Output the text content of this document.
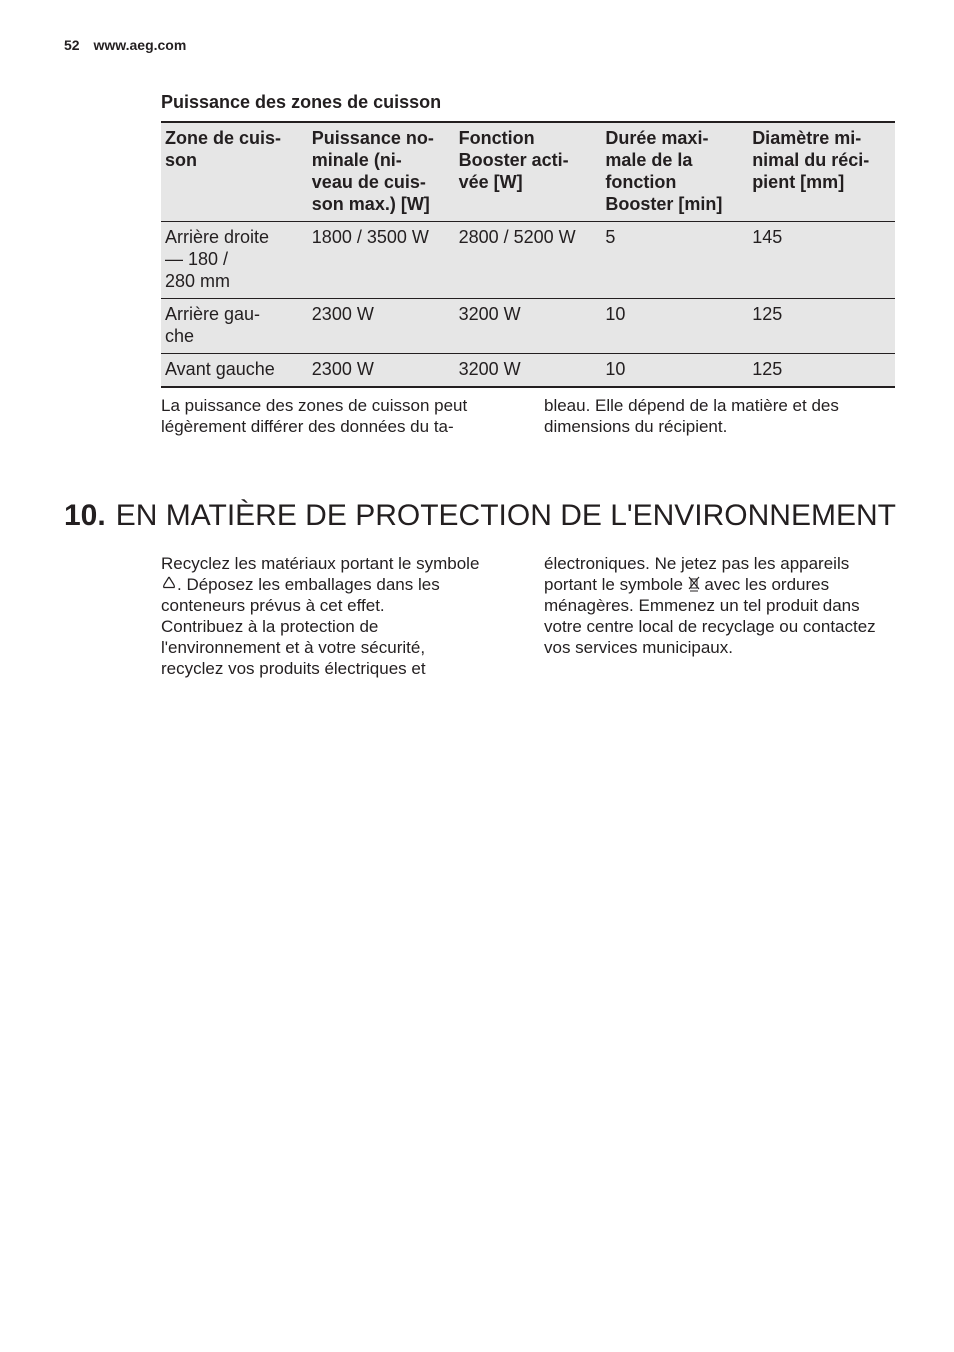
52 www.aeg.com
Puissance des zones de cuisson
Zone de cuis-
son	Puissance no-
minale (ni-
veau de cuis-
son max.) [W]	Fonction
Booster acti-
vée [W]	Durée maxi-
male de la
fonction
Booster [min]	Diamètre mi-
nimal du réci-
pient [mm]
Arrière droite
— 180 /
280 mm	1800 / 3500 W	2800 / 5200 W	5	145
Arrière gau-
che	2300 W	3200 W	10	125
Avant gauche	2300 W	3200 W	10	125
La puissance des zones de cuisson peut légèrement différer des données du ta-
bleau. Elle dépend de la matière et des dimensions du récipient.
10. EN MATIÈRE DE PROTECTION DE L'ENVIRONNEMENT

Recyclez les matériaux portant le symbole . Déposez les emballages dans les conteneurs prévus à cet effet.

Contribuez à la protection de l'environnement et à votre sécurité, recyclez vos produits électriques et

électroniques. Ne jetez pas les appareils portant le symbole avec les ordures ménagères. Emmenez un tel produit dans votre centre local de recyclage ou contactez vos services municipaux.
